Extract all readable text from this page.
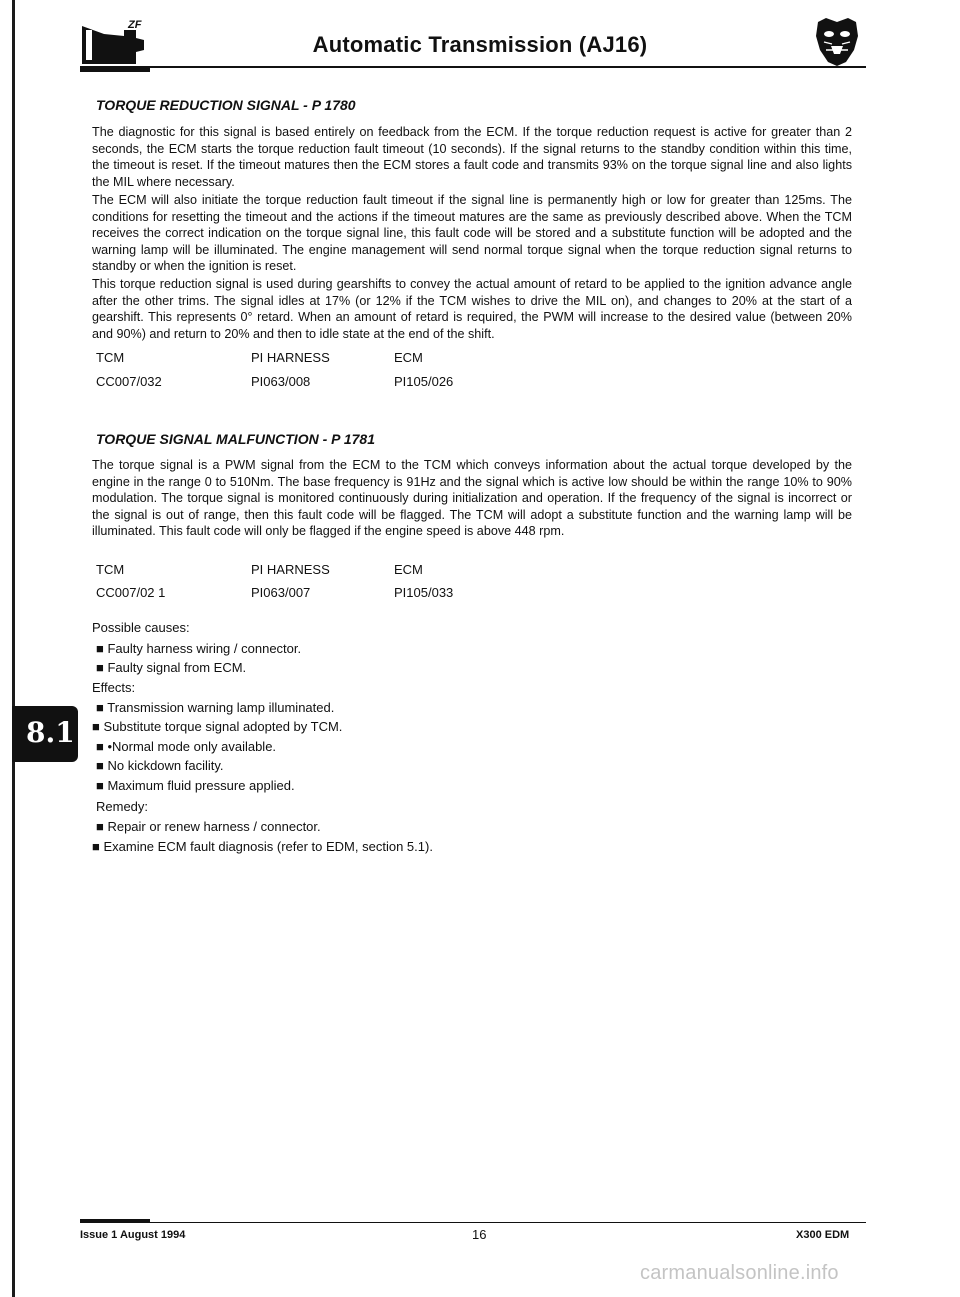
ZF
Automatic Transmission (AJ16)
TORQUE REDUCTION SIGNAL - P 1780
The diagnostic for this signal is based entirely on feedback from the ECM. If the torque reduction request is active for greater than 2 seconds, the ECM starts the torque reduction fault timeout (10 seconds). If the signal returns to the standby condition within this time, the timeout is reset. If the timeout matures then the ECM stores a fault code and transmits 93% on the torque signal line and also lights the MIL where necessary.
The ECM will also initiate the torque reduction fault timeout if the signal line is permanently high or low for greater than 125ms. The conditions for resetting the timeout and the actions if the timeout matures are the same as previously described above. When the TCM receives the correct indication on the torque signal line, this fault code will be stored and a substitute function will be adopted and the warning lamp will be illuminated. The engine management will send normal torque signal when the torque reduction signal returns to standby or when the ignition is reset.
This torque reduction signal is used during gearshifts to convey the actual amount of retard to be applied to the ignition advance angle after the other trims. The signal idles at 17% (or 12% if the TCM wishes to drive the MIL on), and changes to 20% at the start of a gearshift. This represents 0° retard. When an amount of retard is required, the PWM will increase to the desired value (between 20% and 90%) and return to 20% and then to idle state at the end of the shift.
TCM	PI HARNESS	ECM
CC007/032	PI063/008	PI105/026
TORQUE SIGNAL MALFUNCTION - P 1781
The torque signal is a PWM signal from the ECM to the TCM which conveys information about the actual torque developed by the engine in the range 0 to 510Nm. The base frequency is 91Hz and the signal which is active low should be within the range 10% to 90% modulation. The torque signal is monitored continuously during initialization and operation. If the frequency of the signal is incorrect or the signal is out of range, then this fault code will be flagged. The TCM will adopt a substitute function and the warning lamp will be illuminated. This fault code will only be flagged if the engine speed is above 448 rpm.
TCM	PI HARNESS	ECM
CC007/02 1	PI063/007	PI105/033
Possible causes:
■ Faulty harness wiring / connector.
■ Faulty signal from ECM.
Effects:
■ Transmission warning lamp illuminated.
■ Substitute torque signal adopted by TCM.
■ •Normal mode only available.
■ No kickdown facility.
■ Maximum fluid pressure applied.
Remedy:
■ Repair or renew harness / connector.
■ Examine ECM fault diagnosis (refer to EDM, section 5.1).
8.1
Issue 1 August 1994	16	X300 EDM
carmanualsonline.info
